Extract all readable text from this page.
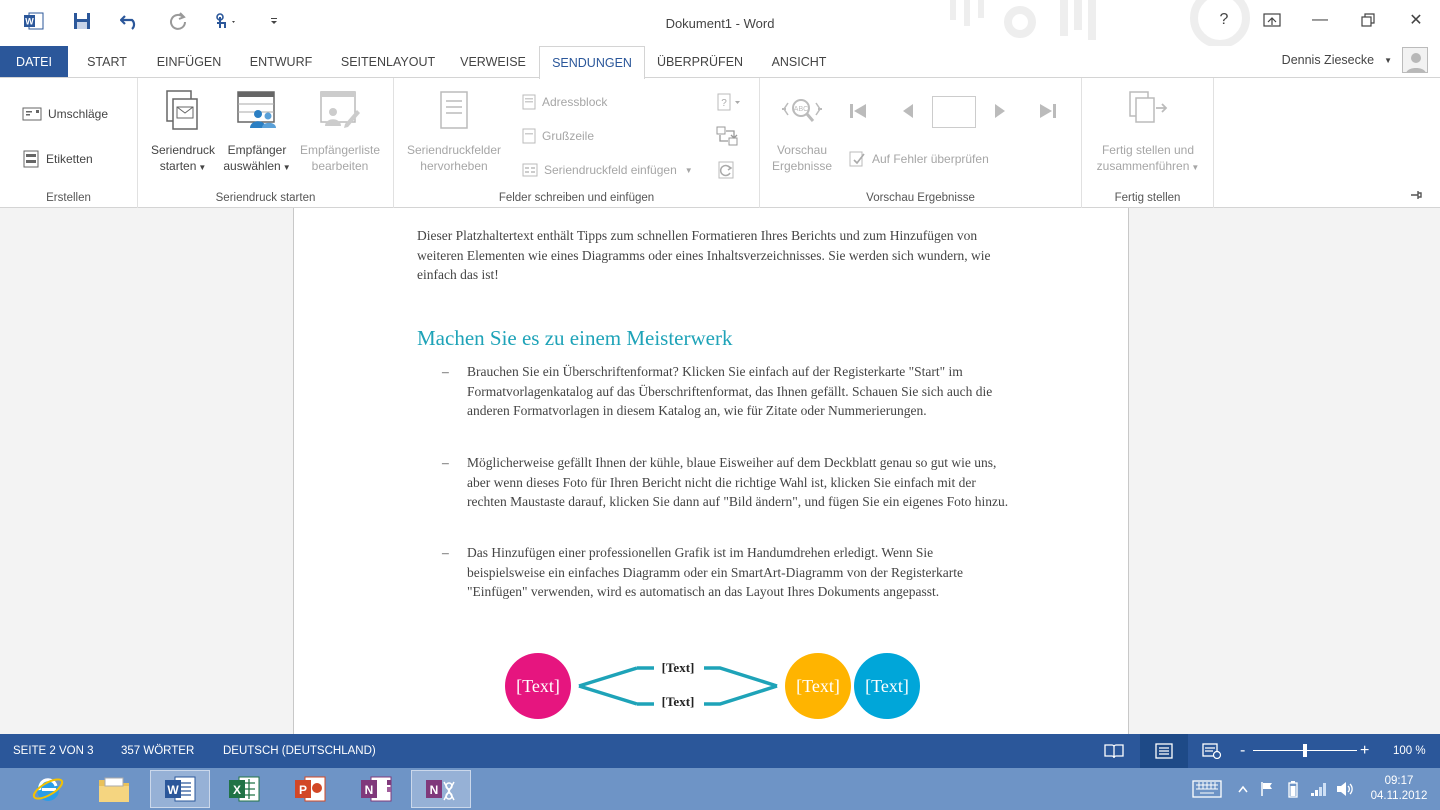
W	Dokument1 - Word	?	—	✕
DATEI	START	EINFÜGEN	ENTWURF	SEITENLAYOUT	VERWEISE	SENDUNGEN	ÜBERPRÜFEN	ANSICHT	Dennis Ziesecke ▼
Umschläge
Etiketten
Erstellen
Seriendruck
starten ▼
Empfänger
auswählen ▼
Empfängerliste
bearbeiten
Seriendruck starten
Seriendruckfelder
hervorheben
Adressblock
Grußzeile
Seriendruckfeld einfügen ▼
?
Felder schreiben und einfügen
ABC
Vorschau
Ergebnisse	Auf Fehler überprüfen
Vorschau Ergebnisse
Fertig stellen und
zusammenführen ▼
Fertig stellen
Dieser Platzhaltertext enthält Tipps zum schnellen Formatieren Ihres Berichts und zum Hinzufügen von weiteren Elementen wie eines Diagramms oder eines Inhaltsverzeichnisses. Sie werden sich wundern, wie einfach das ist!
Machen Sie es zu einem Meisterwerk
– Brauchen Sie ein Überschriftenformat? Klicken Sie einfach auf der Registerkarte "Start" im Formatvorlagenkatalog auf das Überschriftenformat, das Ihnen gefällt. Schauen Sie sich auch die anderen Formatvorlagen in diesem Katalog an, wie für Zitate oder Nummerierungen.
– Möglicherweise gefällt Ihnen der kühle, blaue Eisweiher auf dem Deckblatt genau so gut wie uns, aber wenn dieses Foto für Ihren Bericht nicht die richtige Wahl ist, klicken Sie einfach mit der rechten Maustaste darauf, klicken Sie dann auf "Bild ändern", und fügen Sie ein eigenes Foto hinzu.
– Das Hinzufügen einer professionellen Grafik ist im Handumdrehen erledigt. Wenn Sie beispielsweise ein einfaches Diagramm oder ein SmartArt-Diagramm von der Registerkarte "Einfügen" verwenden, wird es automatisch an das Layout Ihres Dokuments angepasst.
[Text]
[Text]
[Text]
[Text] [Text]
SEITE 2 VON 3 357 WÖRTER DEUTSCH (DEUTSCHLAND)	-	+ 100 %
W	X	P	N	N
09:17
04.11.2012
